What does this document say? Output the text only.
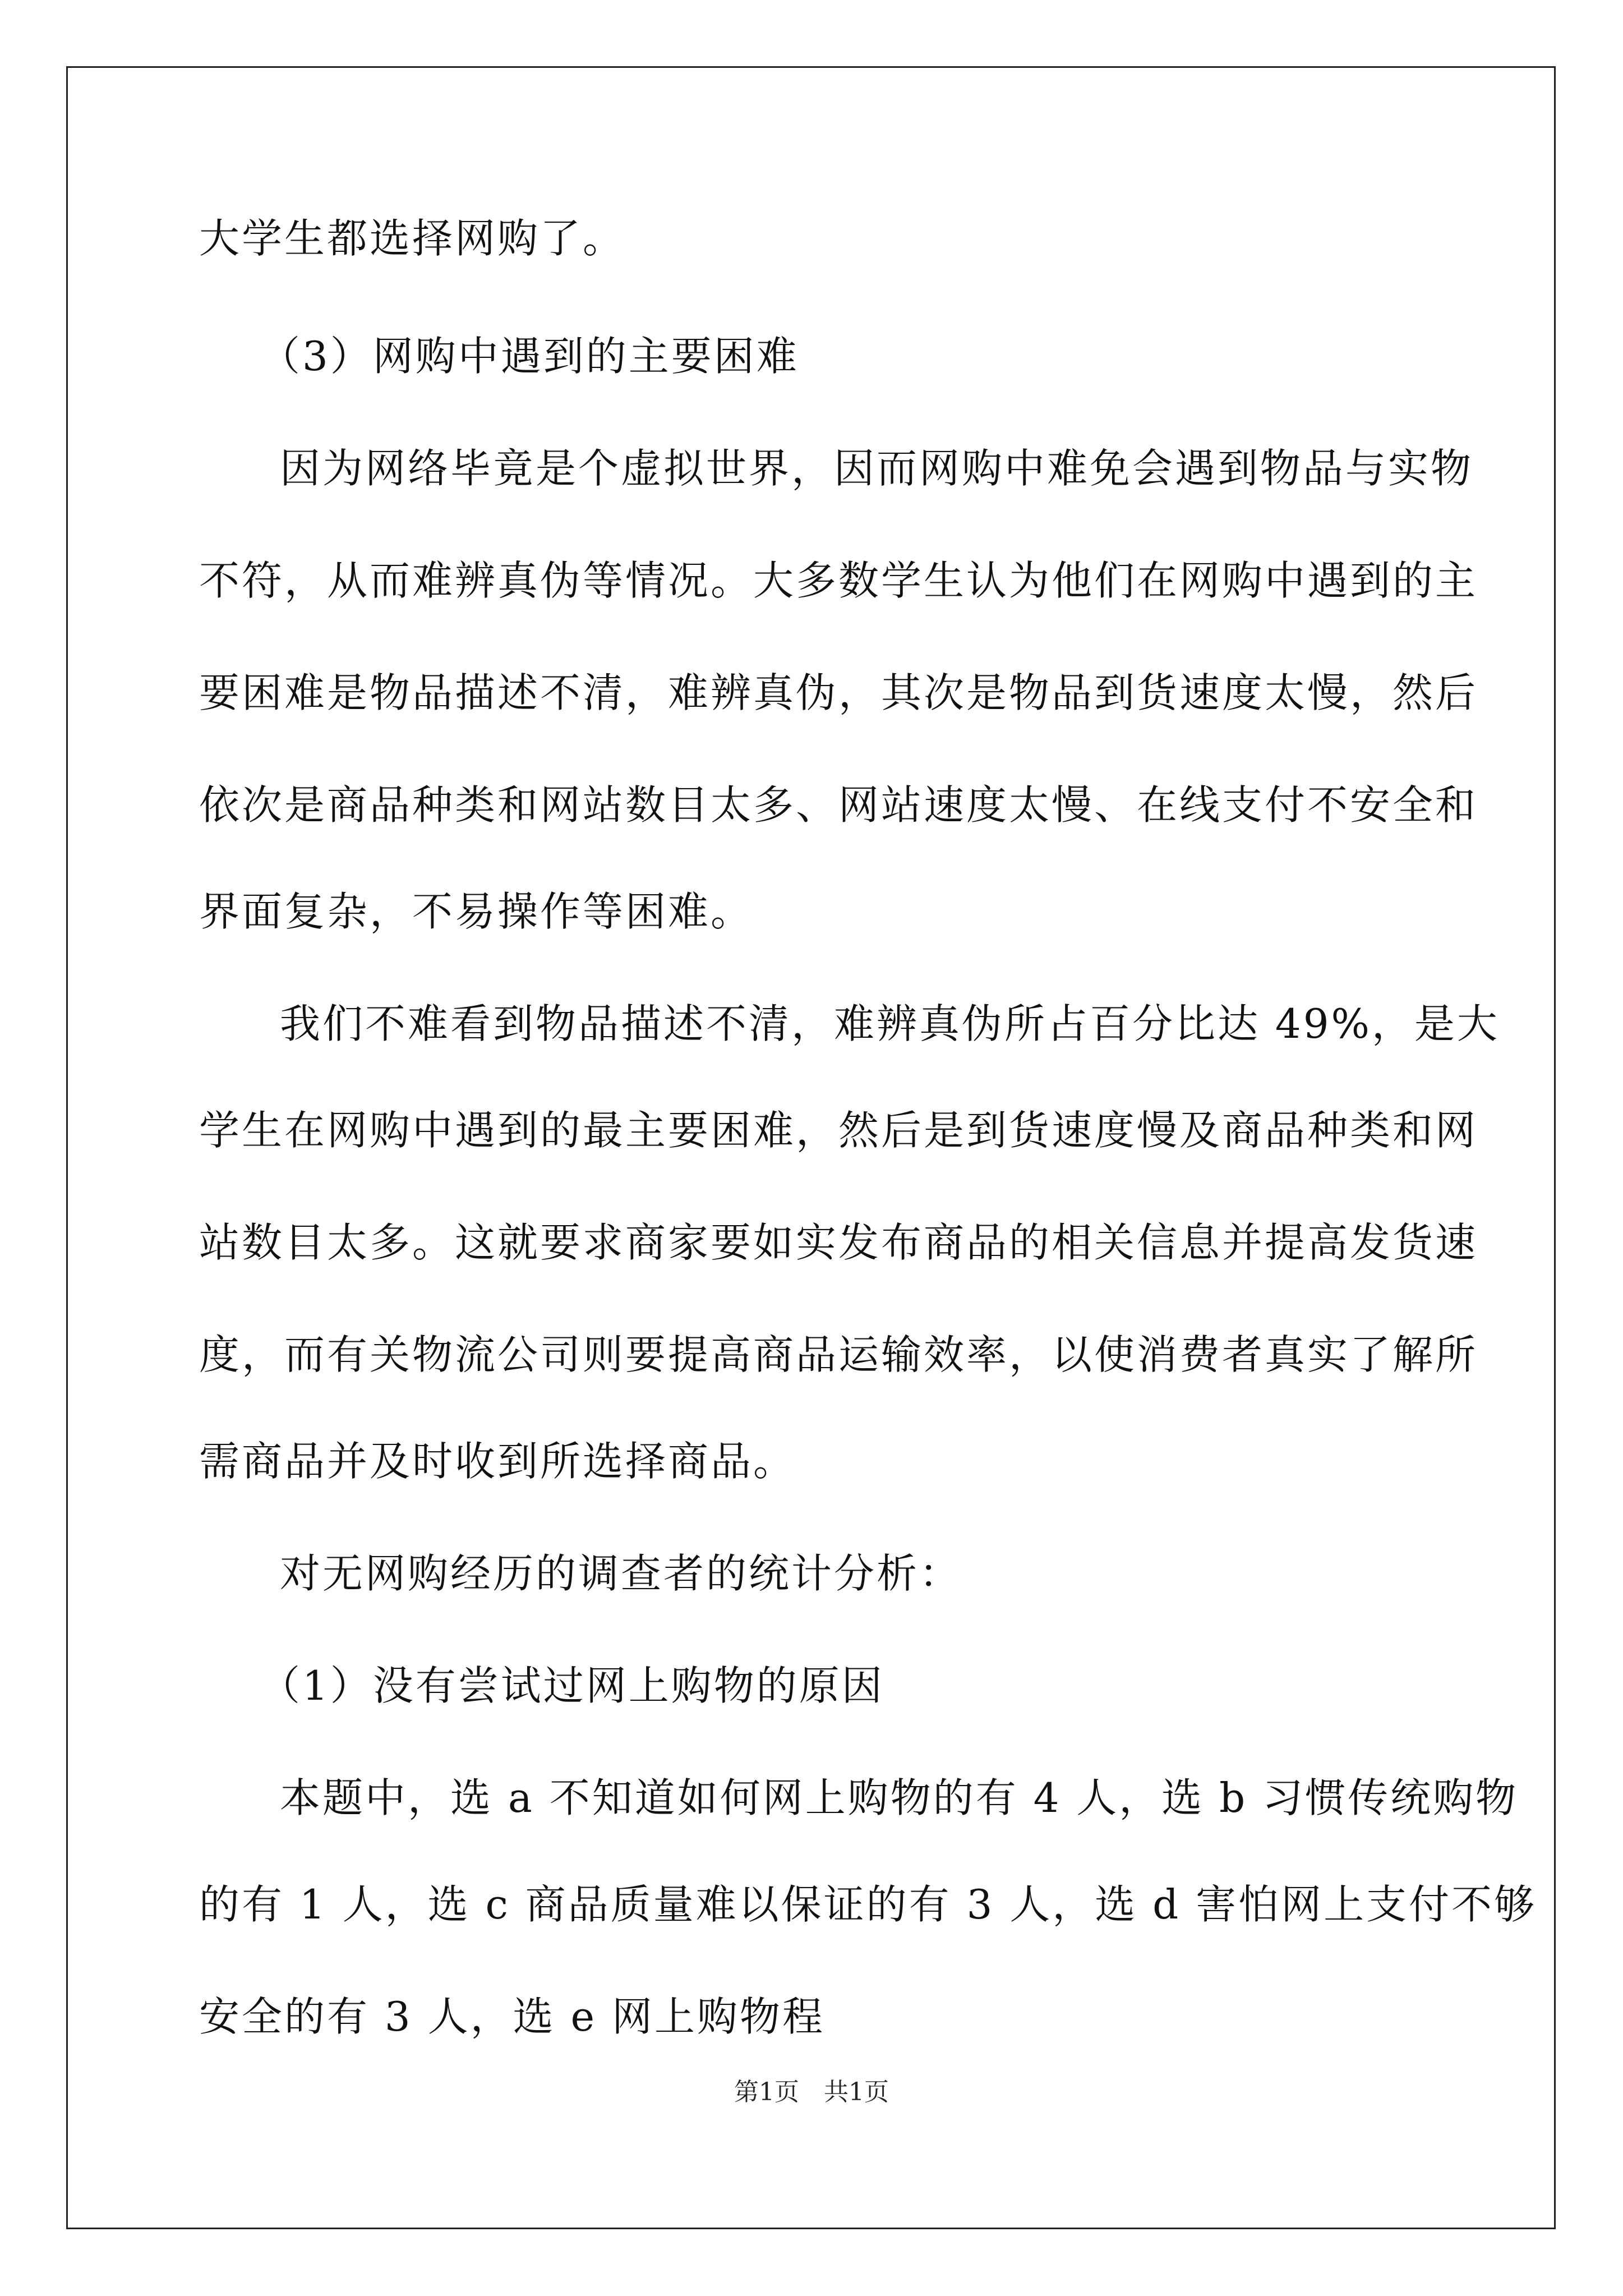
大学生都选择网购了。
（3）网购中遇到的主要困难
因为网络毕竟是个虚拟世界，因而网购中难免会遇到物品与实物
不符，从而难辨真伪等情况。大多数学生认为他们在网购中遇到的主
要困难是物品描述不清，难辨真伪，其次是物品到货速度太慢，然后
依次是商品种类和网站数目太多、网站速度太慢、在线支付不安全和
界面复杂，不易操作等困难。
我们不难看到物品描述不清，难辨真伪所占百分比达 49%，是大
学生在网购中遇到的最主要困难，然后是到货速度慢及商品种类和网
站数目太多。这就要求商家要如实发布商品的相关信息并提高发货速
度，而有关物流公司则要提高商品运输效率，以使消费者真实了解所
需商品并及时收到所选择商品。
对无网购经历的调查者的统计分析：
（1）没有尝试过网上购物的原因
本题中，选 a 不知道如何网上购物的有 4 人，选 b 习惯传统购物
的有 1 人，选 c 商品质量难以保证的有 3 人，选 d 害怕网上支付不够
安全的有 3 人，选 e 网上购物程
第1页　共1页
